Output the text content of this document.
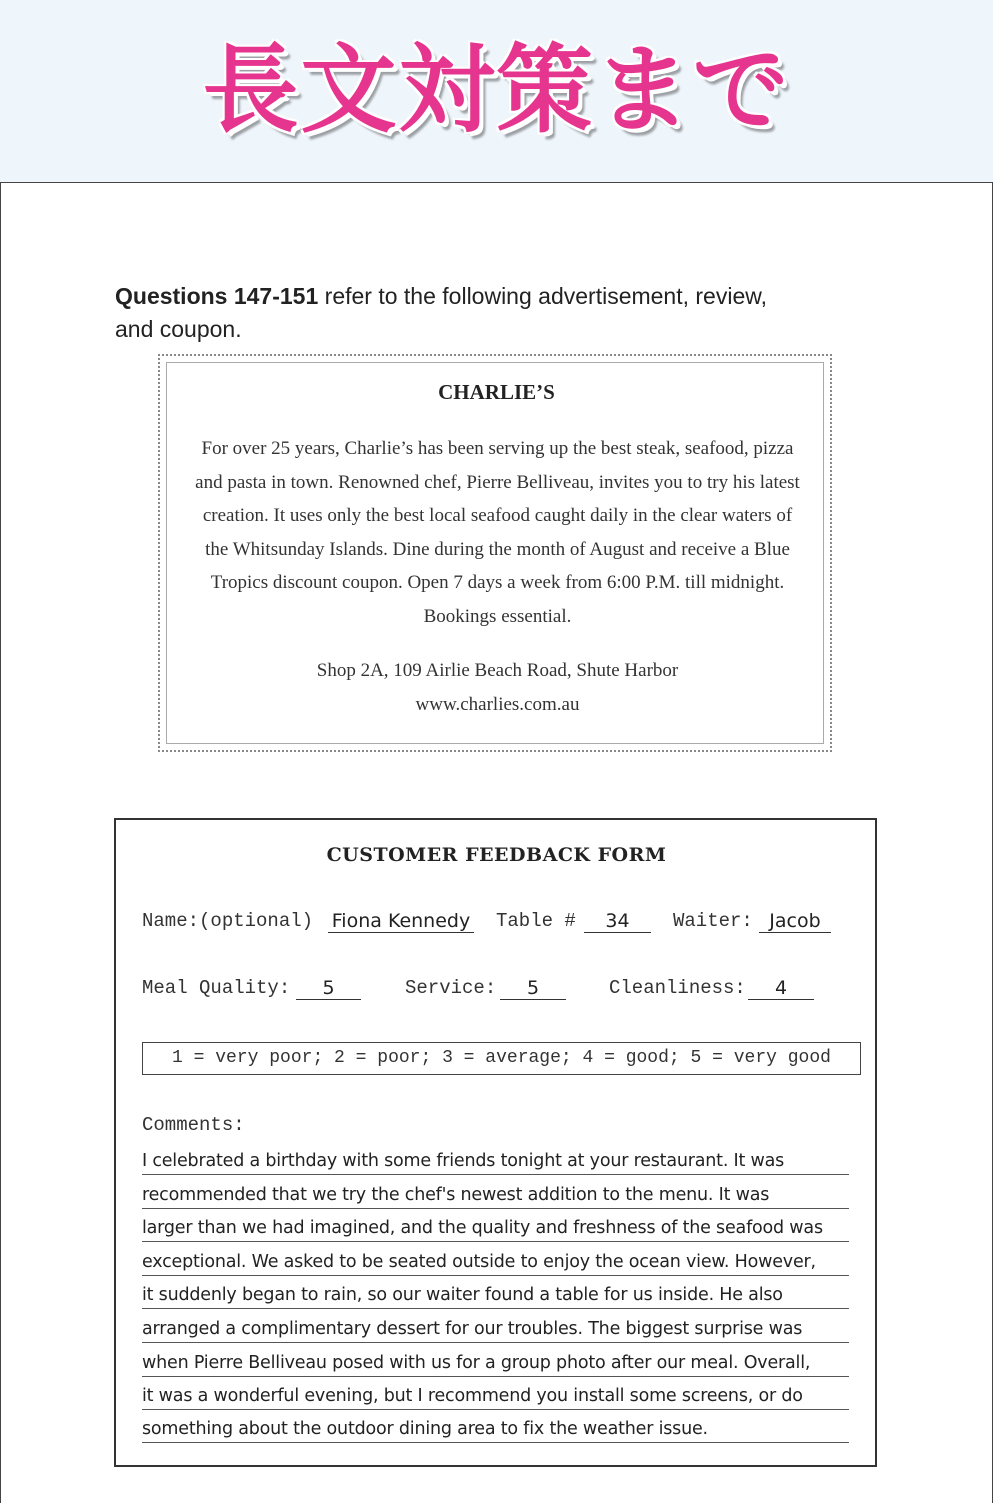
長文対策まで
Questions 147-151 refer to the following advertisement, review,
and coupon.
CHARLIE’S
For over 25 years, Charlie’s has been serving up the best steak, seafood, pizza and pasta in town. Renowned chef, Pierre Belliveau, invites you to try his latest creation. It uses only the best local seafood caught daily in the clear waters of the Whitsunday Islands. Dine during the month of August and receive a Blue Tropics discount coupon. Open 7 days a week from 6:00 P.M. till midnight. Bookings essential.
Shop 2A, 109 Airlie Beach Road, Shute Harbor
www.charlies.com.au
CUSTOMER FEEDBACK FORM
Name:(optional) Fiona Kennedy Table #	34	Waiter: Jacob
Meal Quality:	5	Service:	5	Cleanliness:	4
1 = very poor; 2 = poor; 3 = average; 4 = good; 5 = very good
Comments:
I celebrated a birthday with some friends tonight at your restaurant. It was
recommended that we try the chef's newest addition to the menu. It was
larger than we had imagined, and the quality and freshness of the seafood was
exceptional. We asked to be seated outside to enjoy the ocean view. However,
it suddenly began to rain, so our waiter found a table for us inside. He also
arranged a complimentary dessert for our troubles. The biggest surprise was
when Pierre Belliveau posed with us for a group photo after our meal. Overall,
it was a wonderful evening, but I recommend you install some screens, or do
something about the outdoor dining area to fix the weather issue.
